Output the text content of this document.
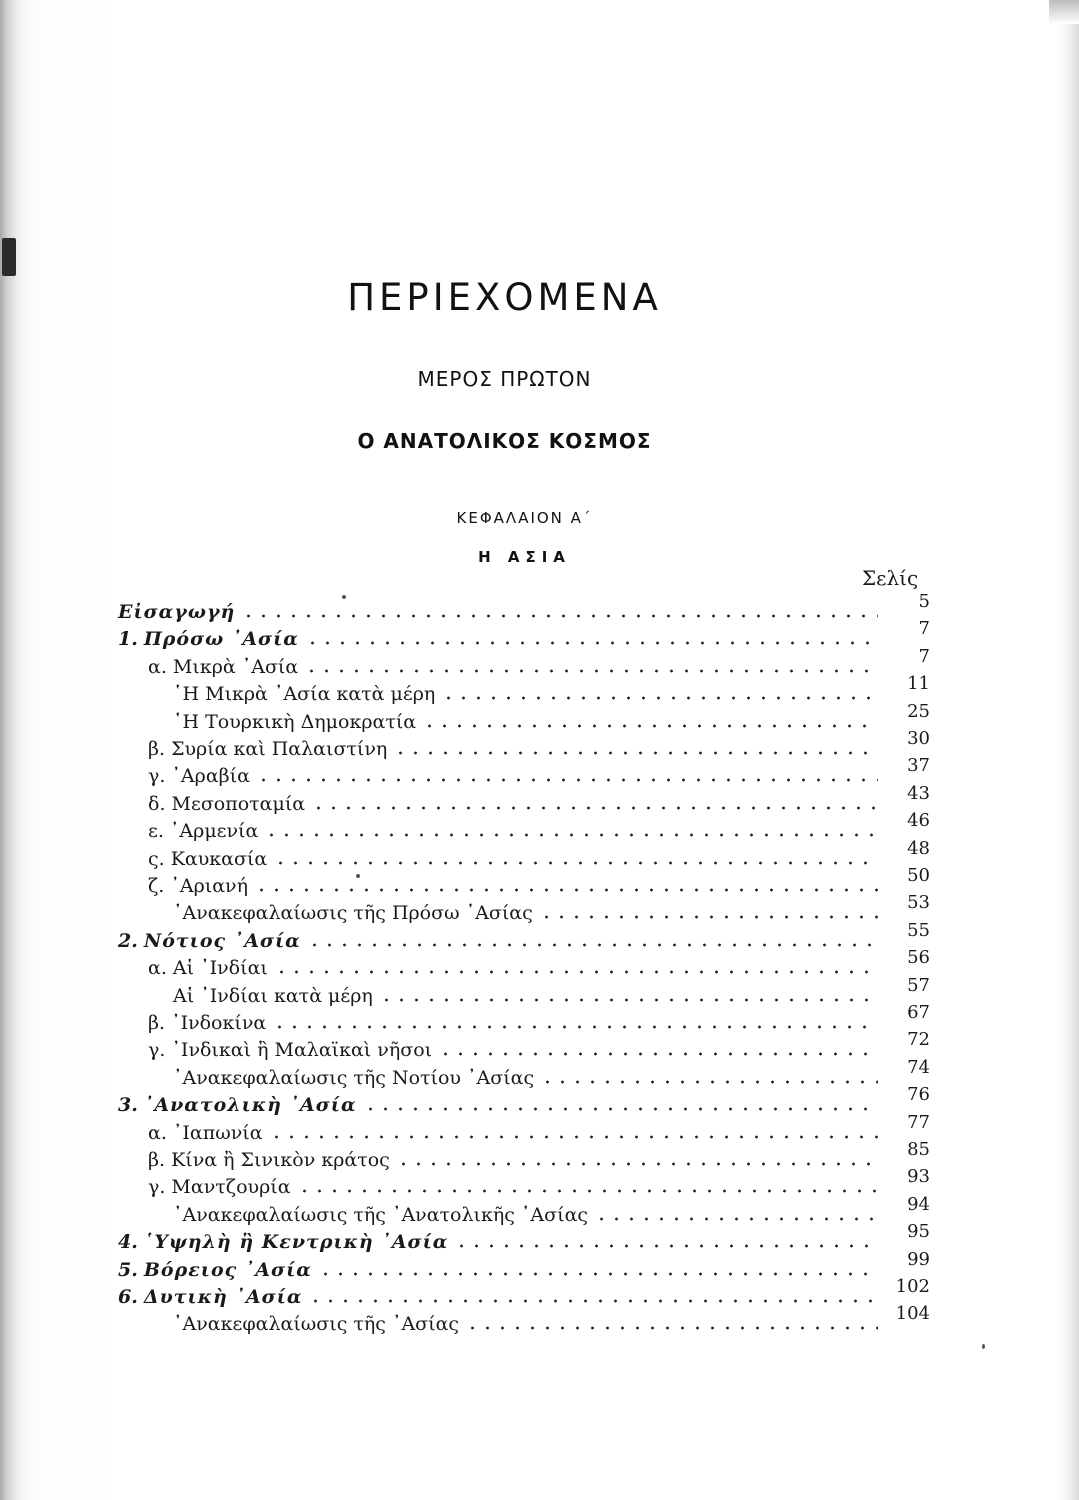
ΠΕΡΙΕΧΟΜΕΝΑ
ΜΕΡΟΣ ΠΡΩΤΟΝ
Ο ΑΝΑΤΟΛΙΚΟΣ ΚΟΣΜΟΣ
ΚΕΦΑΛΑΙΟΝ Α΄
Η ΑΣΙΑ
Σελίς
Εἰσαγωγή	5
1. Πρόσω ᾿Ασία	7
α. Μικρὰ ᾿Ασία	7
῾Η Μικρὰ ᾿Ασία κατὰ μέρη	11
῾Η Τουρκικὴ Δημοκρατία	25
β. Συρία καὶ Παλαιστίνη	30
γ. ᾿Αραβία	37
δ. Μεσοποταμία	43
ε. ᾿Αρμενία	46
ς. Καυκασία	48
ζ. ᾿Αριανή	50
᾿Ανακεφαλαίωσις τῆς Πρόσω ᾿Ασίας	53
2. Νότιος ᾿Ασία	55
α. Αἱ ᾿Ινδίαι	56
Αἱ ᾿Ινδίαι κατὰ μέρη	57
β. ᾿Ινδοκίνα	67
γ. ᾿Ινδικαὶ ἢ Μαλαϊκαὶ νῆσοι	72
᾿Ανακεφαλαίωσις τῆς Νοτίου ᾿Ασίας	74
3. ᾿Ανατολικὴ ᾿Ασία	76
α. ᾿Ιαπωνία	77
β. Κίνα ἢ Σινικὸν κράτος	85
γ. Μαντζουρία	93
᾿Ανακεφαλαίωσις τῆς ᾿Ανατολικῆς ᾿Ασίας	94
4. ῾Υψηλὴ ἢ Κεντρικὴ ᾿Ασία	95
5. Βόρειος ᾿Ασία	99
6. Δυτικὴ ᾿Ασία	102
᾿Ανακεφαλαίωσις τῆς ᾿Ασίας	104
